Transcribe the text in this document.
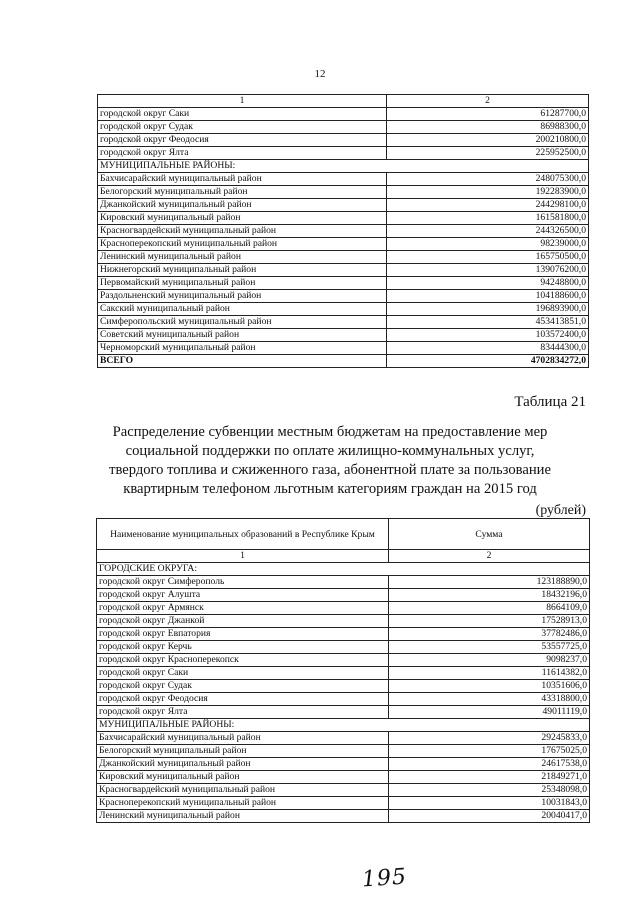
12
1	2
городской округ Саки	61287700,0
городской округ Судак	86988300,0
городской округ Феодосия	200210800,0
городской округ Ялта	225952500,0
МУНИЦИПАЛЬНЫЕ РАЙОНЫ:	
Бахчисарайский муниципальный район	248075300,0
Белогорский муниципальный район	192283900,0
Джанкойский муниципальный район	244298100,0
Кировский муниципальный район	161581800,0
Красногвардейский муниципальный район	244326500,0
Красноперекопский муниципальный район	98239000,0
Ленинский муниципальный район	165750500,0
Нижнегорский муниципальный район	139076200,0
Первомайский муниципальный район	94248800,0
Раздольненский муниципальный район	104188600,0
Сакский муниципальный район	196893900,0
Симферопольский муниципальный район	453413851,0
Советский муниципальный район	103572400,0
Черноморский муниципальный район	83444300,0
ВСЕГО	4702834272,0
Таблица 21
Распределение субвенции местным бюджетам на предоставление мер социальной поддержки по оплате жилищно-коммунальных услуг, твердого топлива и сжиженного газа, абонентной плате за пользование квартирным телефоном льготным категориям граждан на 2015 год
(рублей)
Наименование муниципальных образований в Республике Крым	Сумма
1	2
ГОРОДСКИЕ ОКРУГА:	
городской округ Симферополь	123188890,0
городской округ Алушта	18432196,0
городской округ Армянск	8664109,0
городской округ Джанкой	17528913,0
городской округ Евпатория	37782486,0
городской округ Керчь	53557725,0
городской округ Красноперекопск	9098237,0
городской округ Саки	11614382,0
городской округ Судак	10351606,0
городской округ Феодосия	43318800,0
городской округ Ялта	49011119,0
МУНИЦИПАЛЬНЫЕ РАЙОНЫ:	
Бахчисарайский муниципальный район	29245833,0
Белогорский муниципальный район	17675025,0
Джанкойский муниципальный район	24617538,0
Кировский муниципальный район	21849271,0
Красногвардейский муниципальный район	25348098,0
Красноперекопский муниципальный район	10031843,0
Ленинский муниципальный район	20040417,0
195
